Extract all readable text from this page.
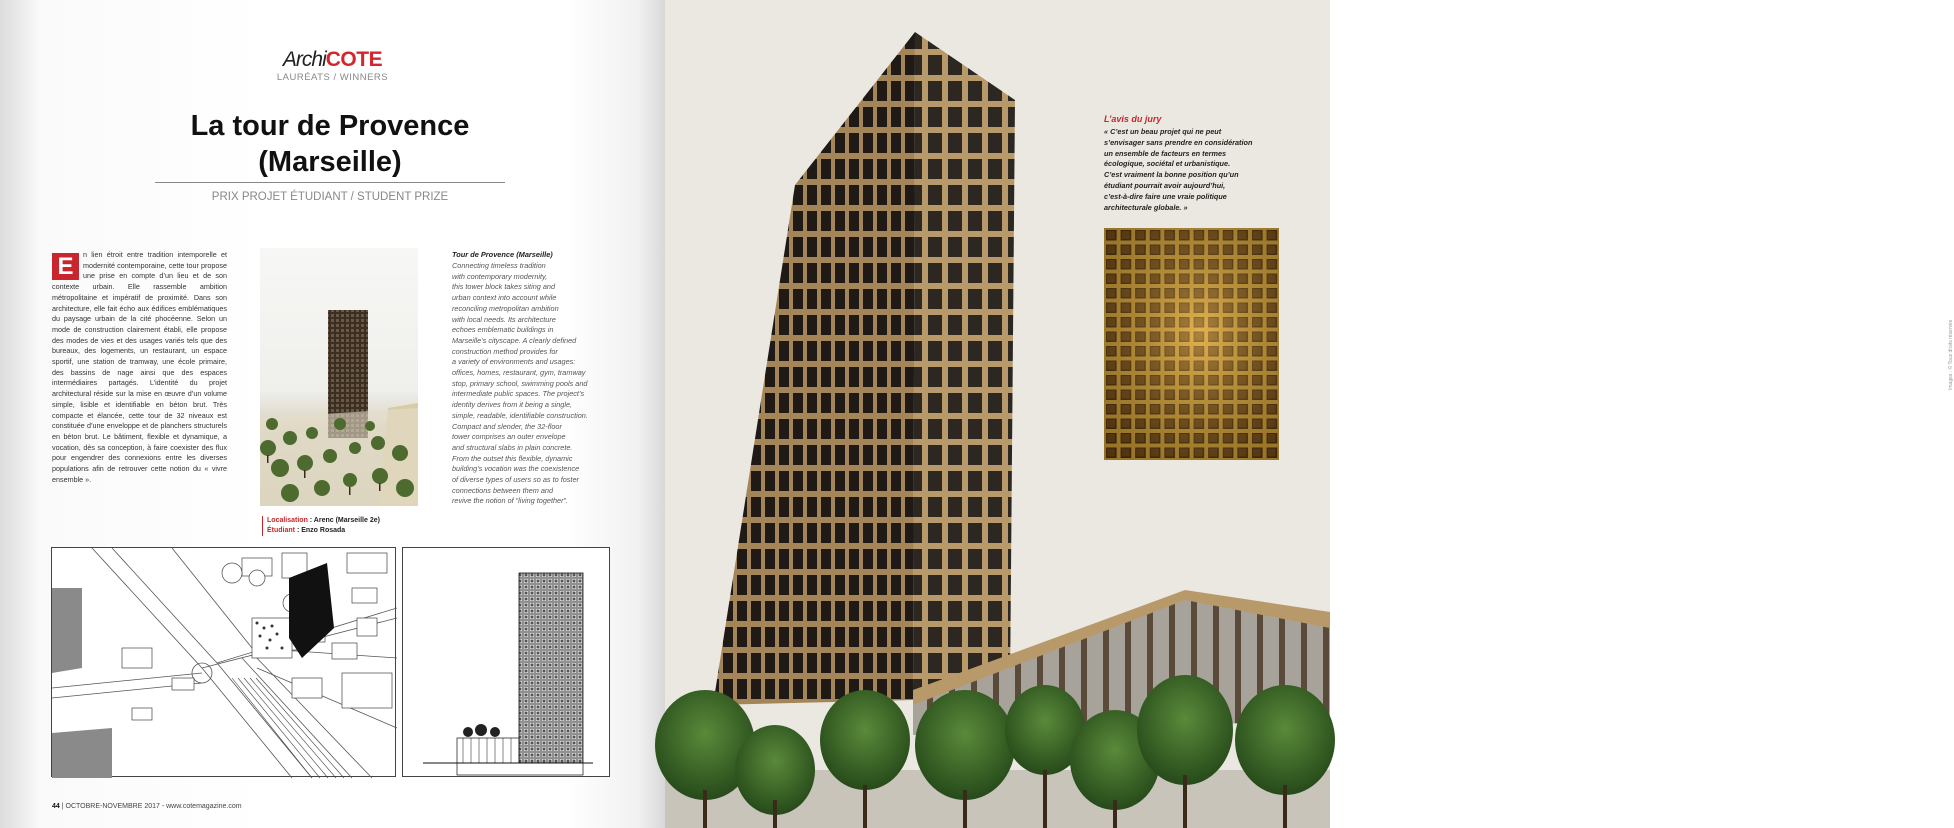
ArchiCOTE
LAURÉATS / WINNERS
La tour de Provence
(Marseille)
PRIX PROJET ÉTUDIANT / STUDENT PRIZE
n lien étroit entre tradition intemporelle et modernité contemporaine, cette tour propose une prise en compte d’un lieu et de son contexte urbain. Elle rassemble ambition métropolitaine et impératif de proximité. Dans son architecture, elle fait écho aux édifices emblématiques du paysage urbain de la cité phocéenne. Selon un mode de construction clairement établi, elle propose des modes de vies et des usages variés tels que des bureaux, des logements, un restaurant, un espace sportif, une station de tramway, une école primaire, des bassins de nage ainsi que des espaces intermédiaires partagés. L’identité du projet architectural réside sur la mise en œuvre d’un volume simple, lisible et identifiable en béton brut. Très compacte et élancée, cette tour de 32 niveaux est constituée d’une enveloppe et de planchers structurels en béton brut. Le bâtiment, flexible et dynamique, a vocation, dès sa conception, à faire coexister des flux pour engendrer des connexions entre les diverses populations afin de retrouver cette notion du « vivre ensemble ».
E	Tour de Provence (Marseille)
Connecting timeless tradition
with contemporary modernity,
this tower block takes siting and
urban context into account while
reconciling metropolitan ambition
with local needs. Its architecture
echoes emblematic buildings in
Marseille’s cityscape. A clearly defined
construction method provides for
a variety of environments and usages:
offices, homes, restaurant, gym, tramway
stop, primary school, swimming pools and
intermediate public spaces. The project’s
identity derives from it being a single,
simple, readable, identifiable construction.
Compact and slender, the 32-floor
tower comprises an outer envelope
and structural slabs in plain concrete.
From the outset this flexible, dynamic
building’s vocation was the coexistence
of diverse types of users so as to foster
connections between them and
revive the notion of “living together”.
Localisation : Arenc (Marseille 2e)
Étudiant : Enzo Rosada
44 | OCTOBRE-NOVEMBRE 2017 - www.cotemagazine.com
Images : © Tous droits réservés
L’avis du jury
« C’est un beau projet qui ne peut
s’envisager sans prendre en considération
un ensemble de facteurs en termes
écologique, sociétal et urbanistique.
C’est vraiment la bonne position qu’un
étudiant pourrait avoir aujourd’hui,
c’est-à-dire faire une vraie politique
architecturale globale. »
